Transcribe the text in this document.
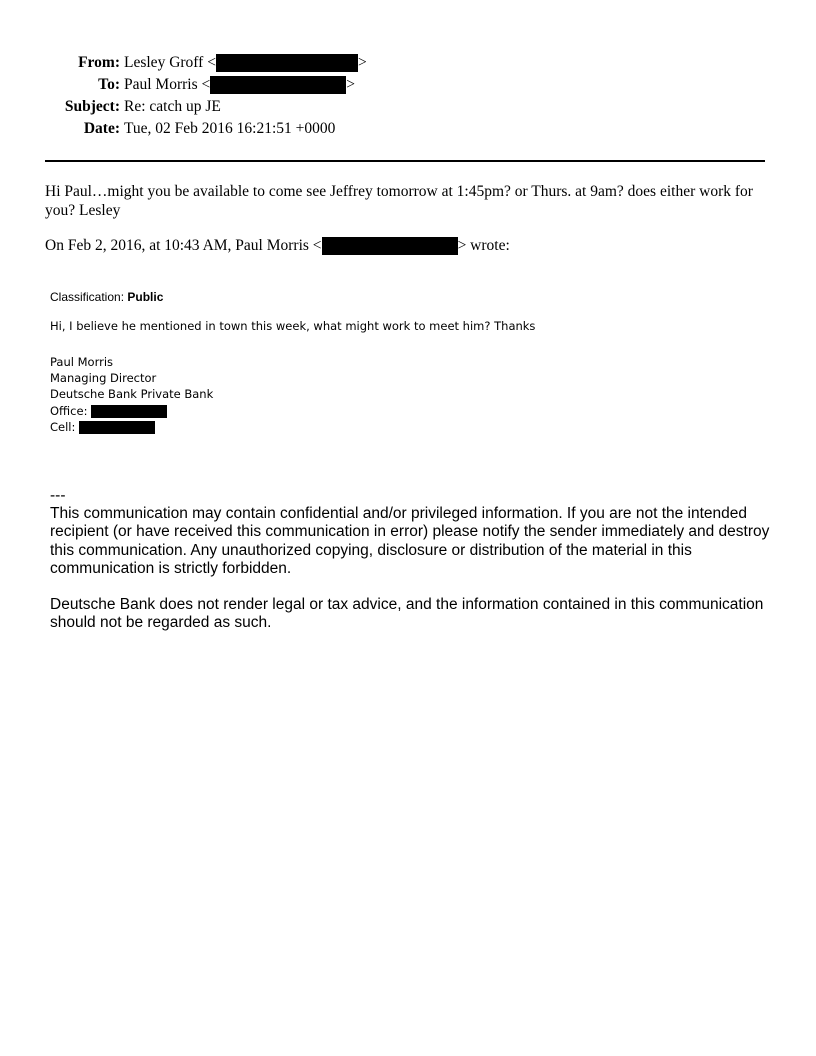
From: Lesley Groff <	>
To: Paul Morris <	>
Subject: Re: catch up JE
Date: Tue, 02 Feb 2016 16:21:51 +0000
Hi Paul…might you be available to come see Jeffrey tomorrow at 1:45pm? or Thurs. at 9am? does either work for you? Lesley
On Feb 2, 2016, at 10:43 AM, Paul Morris <	> wrote:
Classification: Public
Hi, I believe he mentioned in town this week, what might work to meet him? Thanks
Paul Morris
Managing Director
Deutsche Bank Private Bank
Office:
Cell:

---

This communication may contain confidential and/or privileged information. If you are not the intended recipient (or have received this communication in error) please notify the sender immediately and destroy this communication. Any unauthorized copying, disclosure or distribution of the material in this communication is strictly forbidden.

Deutsche Bank does not render legal or tax advice, and the information contained in this communication should not be regarded as such.
